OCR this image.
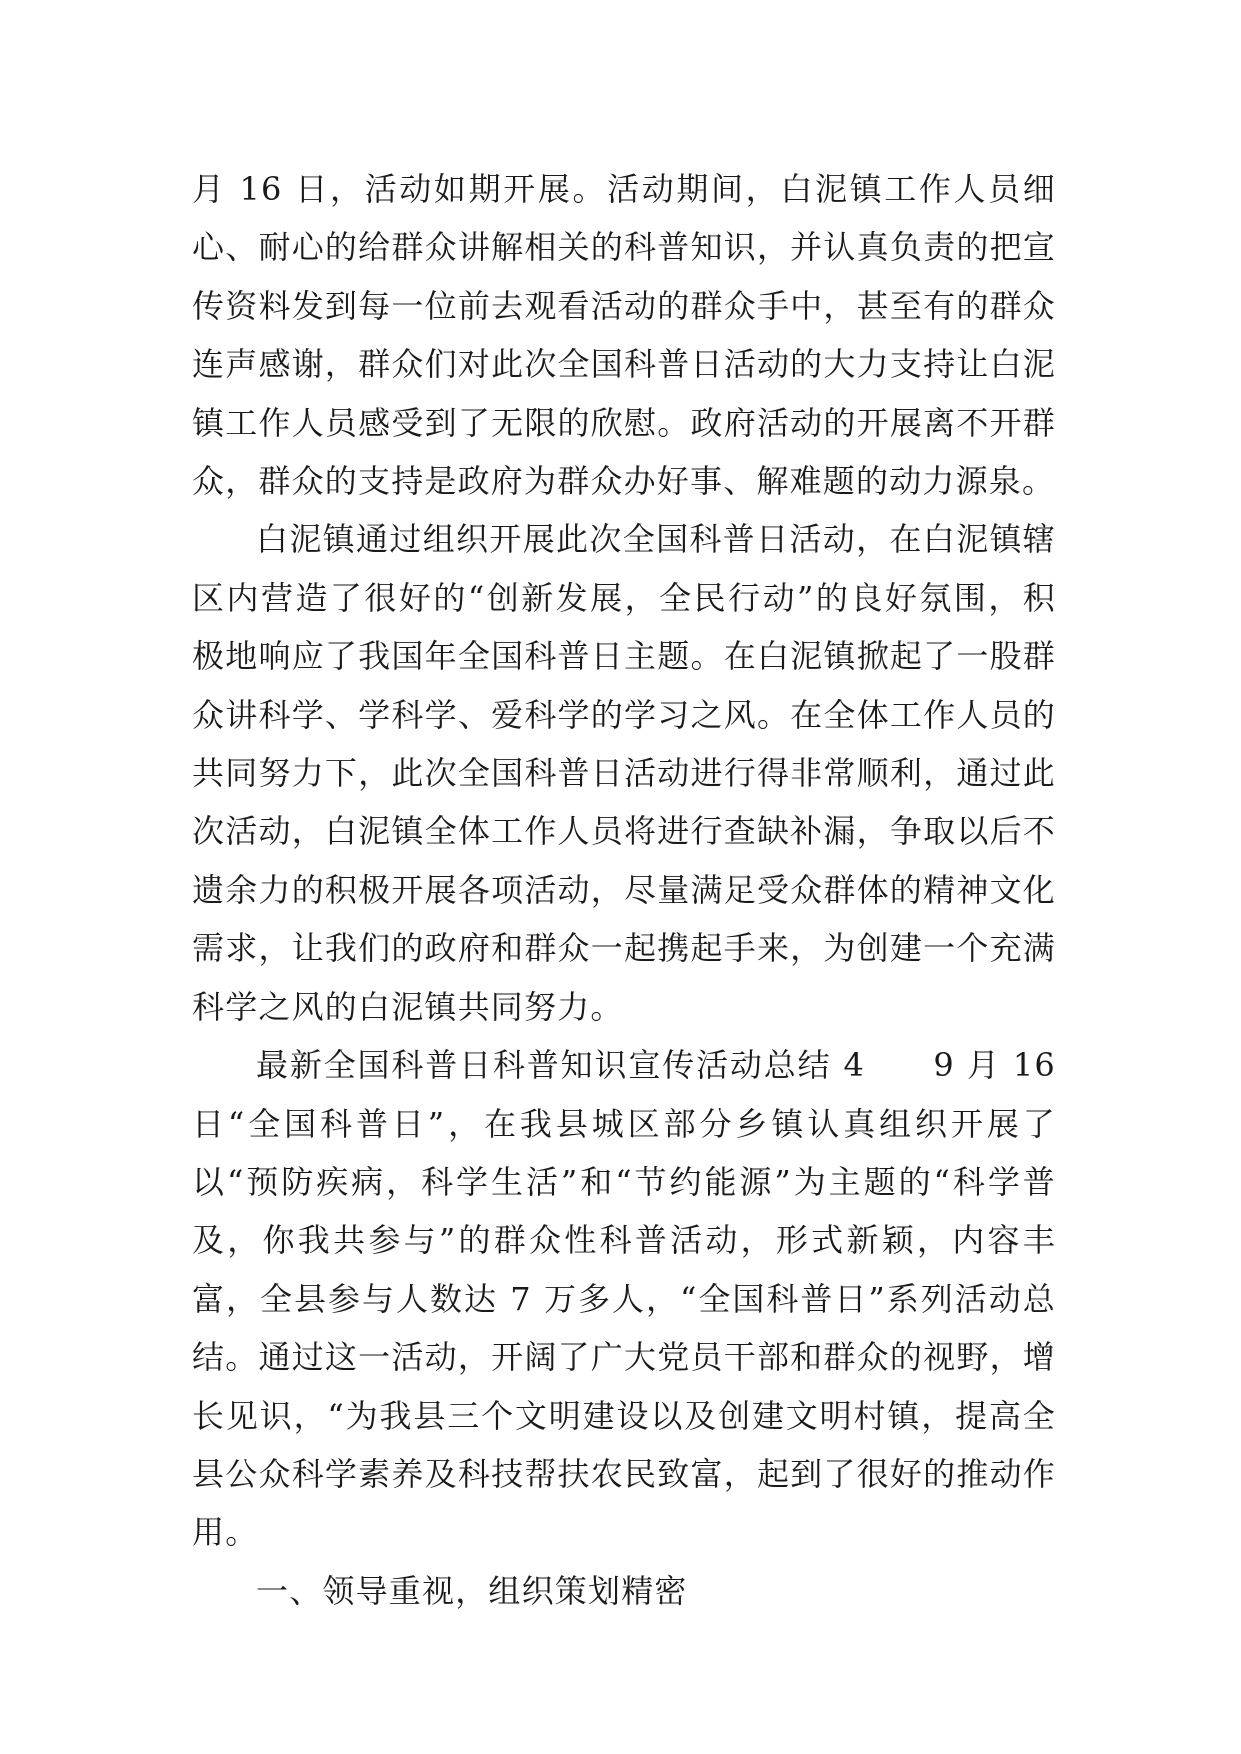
月 16 日，活动如期开展。活动期间，白泥镇工作人员细心、耐心的给群众讲解相关的科普知识，并认真负责的把宣传资料发到每一位前去观看活动的群众手中，甚至有的群众连声感谢，群众们对此次全国科普日活动的大力支持让白泥镇工作人员感受到了无限的欣慰。政府活动的开展离不开群众，群众的支持是政府为群众办好事、解难题的动力源泉。

白泥镇通过组织开展此次全国科普日活动，在白泥镇辖区内营造了很好的“创新发展，全民行动”的良好氛围，积极地响应了我国年全国科普日主题。在白泥镇掀起了一股群众讲科学、学科学、爱科学的学习之风。在全体工作人员的共同努力下，此次全国科普日活动进行得非常顺利，通过此次活动，白泥镇全体工作人员将进行查缺补漏，争取以后不遗余力的积极开展各项活动，尽量满足受众群体的精神文化需求，让我们的政府和群众一起携起手来，为创建一个充满科学之风的白泥镇共同努力。

最新全国科普日科普知识宣传活动总结 4　　9 月 16 日“全国科普日”，在我县城区部分乡镇认真组织开展了以“预防疾病，科学生活”和“节约能源”为主题的“科学普及，你我共参与”的群众性科普活动，形式新颖，内容丰富，全县参与人数达 7 万多人，“全国科普日”系列活动总结。通过这一活动，开阔了广大党员干部和群众的视野，增长见识，“为我县三个文明建设以及创建文明村镇，提高全县公众科学素养及科技帮扶农民致富，起到了很好的推动作用。

一、领导重视，组织策划精密
